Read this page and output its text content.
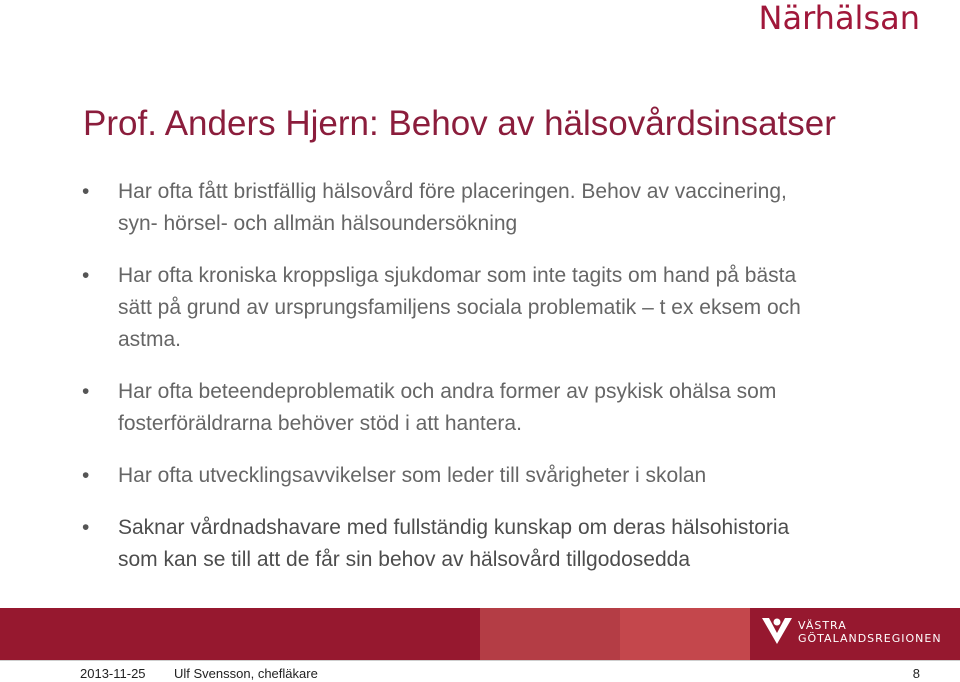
Närhälsan
Prof. Anders Hjern: Behov av hälsovårdsinsatser
• Har ofta fått bristfällig hälsovård före placeringen. Behov av vaccinering,
syn- hörsel- och allmän hälsoundersökning
• Har ofta kroniska kroppsliga sjukdomar som inte tagits om hand på bästa
sätt på grund av ursprungsfamiljens sociala problematik – t ex eksem och
astma.
• Har ofta beteendeproblematik och andra former av psykisk ohälsa som
fosterföräldrarna behöver stöd i att hantera.
• Har ofta utvecklingsavvikelser som leder till svårigheter i skolan
• Saknar vårdnadshavare med fullständig kunskap om deras hälsohistoria
som kan se till att de får sin behov av hälsovård tillgodosedda
VÄSTRA
GÖTALANDSREGIONEN
2013-11-25 Ulf Svensson, chefläkare	8
